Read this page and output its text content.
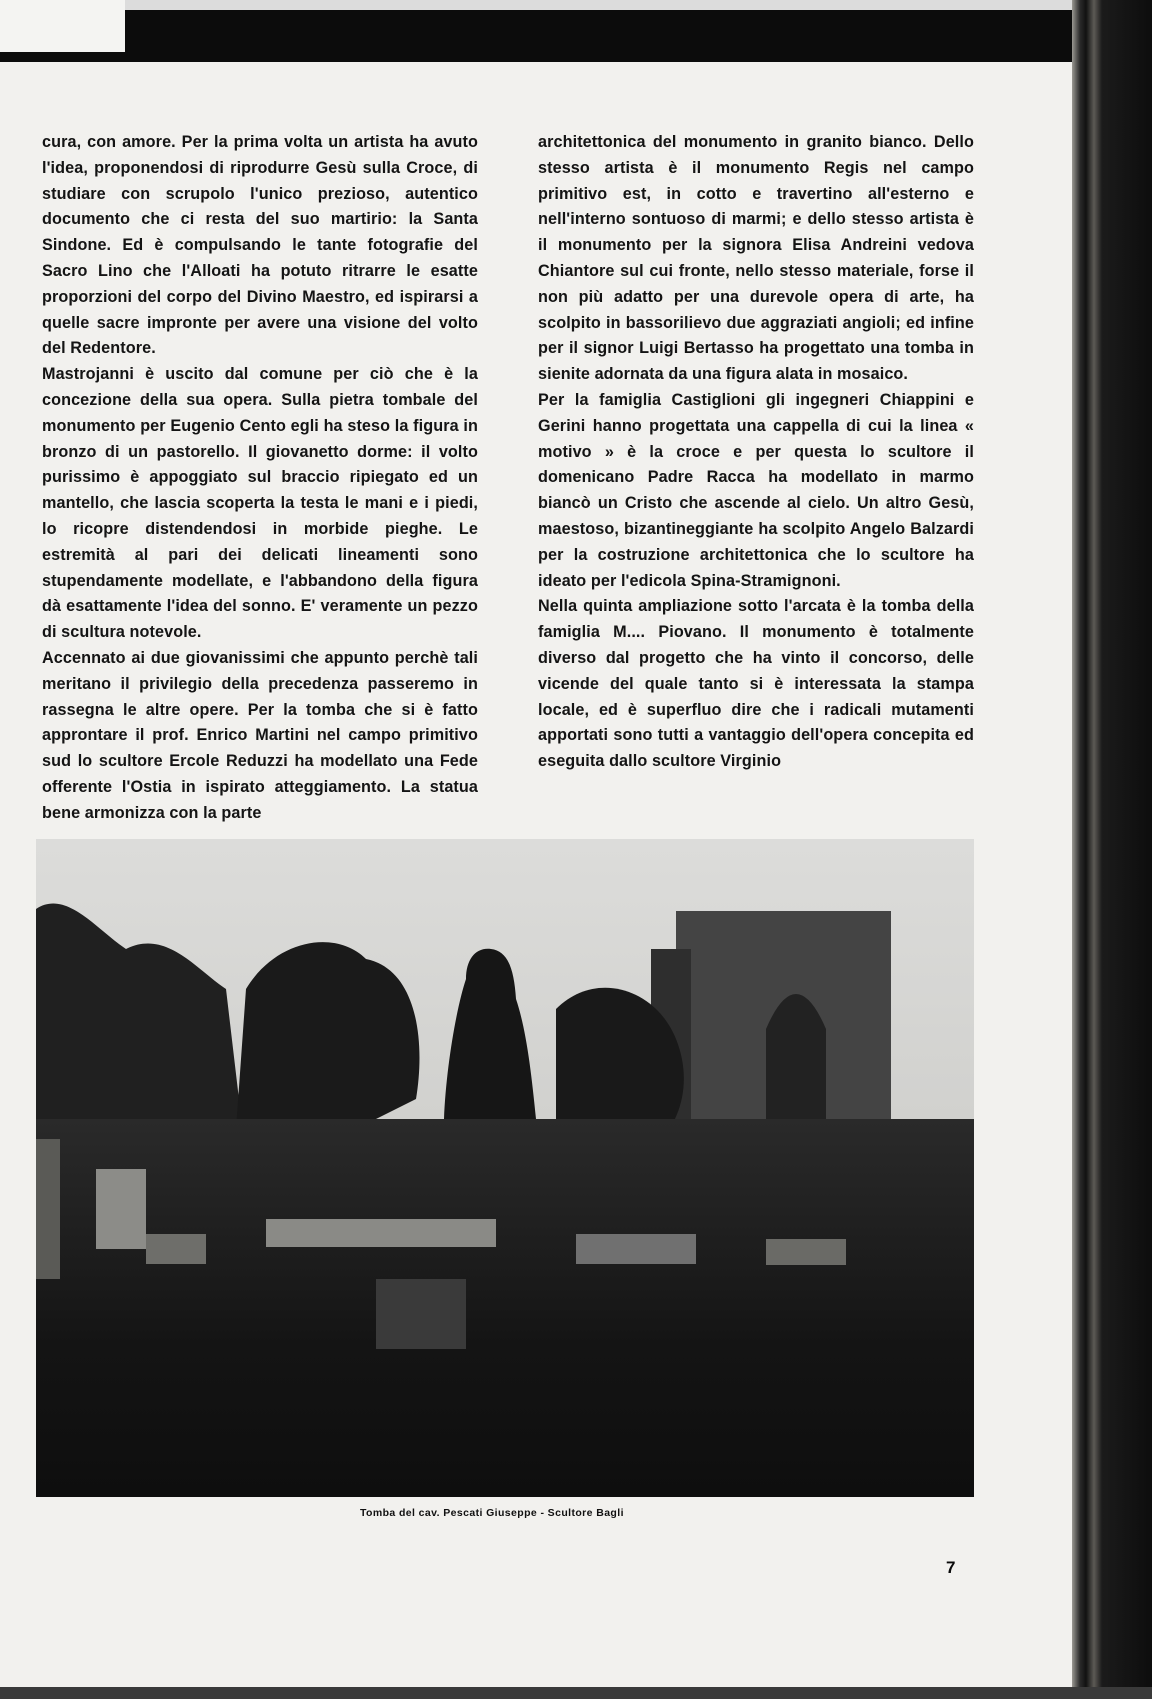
cura, con amore. Per la prima volta un artista ha avuto l'idea, proponendosi di riprodurre Gesù sulla Croce, di studiare con scrupolo l'unico prezioso, autentico documento che ci resta del suo martirio: la Santa Sindone. Ed è compulsando le tante fotografie del Sacro Lino che l'Alloati ha potuto ritrarre le esatte proporzioni del corpo del Divino Maestro, ed ispirarsi a quelle sacre impronte per avere una visione del volto del Redentore.

Mastrojanni è uscito dal comune per ciò che è la concezione della sua opera. Sulla pietra tombale del monumento per Eugenio Cento egli ha steso la figura in bronzo di un pastorello. Il giovanetto dorme: il volto purissimo è appoggiato sul braccio ripiegato ed un mantello, che lascia scoperta la testa le mani e i piedi, lo ricopre distendendosi in morbide pieghe. Le estremità al pari dei delicati lineamenti sono stupendamente modellate, e l'abbandono della figura dà esattamente l'idea del sonno. E' veramente un pezzo di scultura notevole.

Accennato ai due giovanissimi che appunto perchè tali meritano il privilegio della precedenza passeremo in rassegna le altre opere. Per la tomba che si è fatto approntare il prof. Enrico Martini nel campo primitivo sud lo scultore Ercole Reduzzi ha modellato una Fede offerente l'Ostia in ispirato atteggiamento. La statua bene armonizza con la parte

architettonica del monumento in granito bianco. Dello stesso artista è il monumento Regis nel campo primitivo est, in cotto e travertino all'esterno e nell'interno sontuoso di marmi; e dello stesso artista è il monumento per la signora Elisa Andreini vedova Chiantore sul cui fronte, nello stesso materiale, forse il non più adatto per una durevole opera di arte, ha scolpito in bassorilievo due aggraziati angioli; ed infine per il signor Luigi Bertasso ha progettato una tomba in sienite adornata da una figura alata in mosaico.

Per la famiglia Castiglioni gli ingegneri Chiappini e Gerini hanno progettata una cappella di cui la linea « motivo » è la croce e per questa lo scultore il domenicano Padre Racca ha modellato in marmo biancò un Cristo che ascende al cielo. Un altro Gesù, maestoso, bizantineggiante ha scolpito Angelo Balzardi per la costruzione architettonica che lo scultore ha ideato per l'edicola Spina-Stramignoni.

Nella quinta ampliazione sotto l'arcata è la tomba della famiglia M.... Piovano. Il monumento è totalmente diverso dal progetto che ha vinto il concorso, delle vicende del quale tanto si è interessata la stampa locale, ed è superfluo dire che i radicali mutamenti apportati sono tutti a vantaggio dell'opera concepita ed eseguita dallo scultore Virginio

Tomba del cav. Pescati Giuseppe - Scultore Bagli
7
